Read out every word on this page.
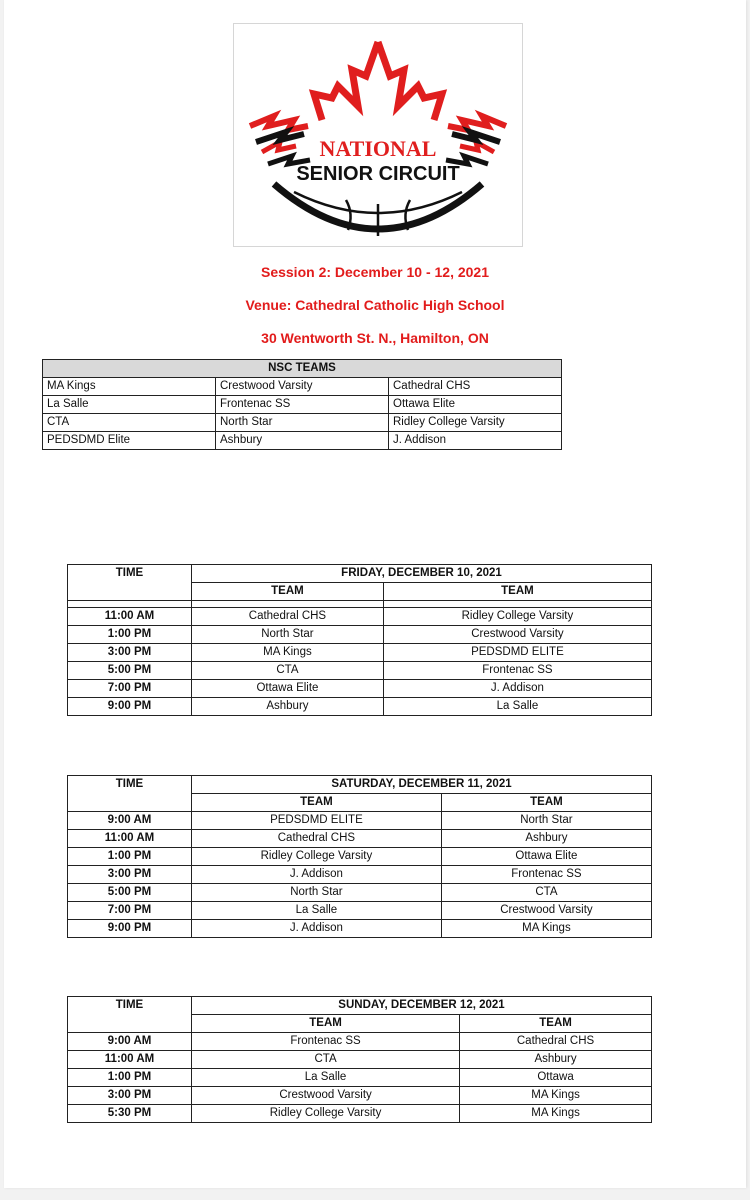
NATIONAL
SENIOR CIRCUIT
Session 2: December 10 - 12, 2021
Venue: Cathedral Catholic High School
30 Wentworth St. N., Hamilton, ON
NSC TEAMS		
MA Kings	Crestwood Varsity	Cathedral CHS
La Salle	Frontenac SS	Ottawa Elite
CTA	North Star	Ridley College Varsity
PEDSDMD Elite	Ashbury	J. Addison
TIME	FRIDAY, DECEMBER 10, 2021	
	TEAM	TEAM

11:00 AM	Cathedral CHS	Ridley College Varsity
1:00 PM	North Star	Crestwood Varsity
3:00 PM	MA Kings	PEDSDMD ELITE
5:00 PM	CTA	Frontenac SS
7:00 PM	Ottawa Elite	J. Addison
9:00 PM	Ashbury	La Salle
TIME	SATURDAY, DECEMBER 11, 2021	
	TEAM	TEAM
9:00 AM	PEDSDMD ELITE	North Star
11:00 AM	Cathedral CHS	Ashbury
1:00 PM	Ridley College Varsity	Ottawa Elite
3:00 PM	J. Addison	Frontenac SS
5:00 PM	North Star	CTA
7:00 PM	La Salle	Crestwood Varsity
9:00 PM	J. Addison	MA Kings
TIME	SUNDAY, DECEMBER 12, 2021	
	TEAM	TEAM
9:00 AM	Frontenac SS	Cathedral CHS
11:00 AM	CTA	Ashbury
1:00 PM	La Salle	Ottawa
3:00 PM	Crestwood Varsity	MA Kings
5:30 PM	Ridley College Varsity	MA Kings
